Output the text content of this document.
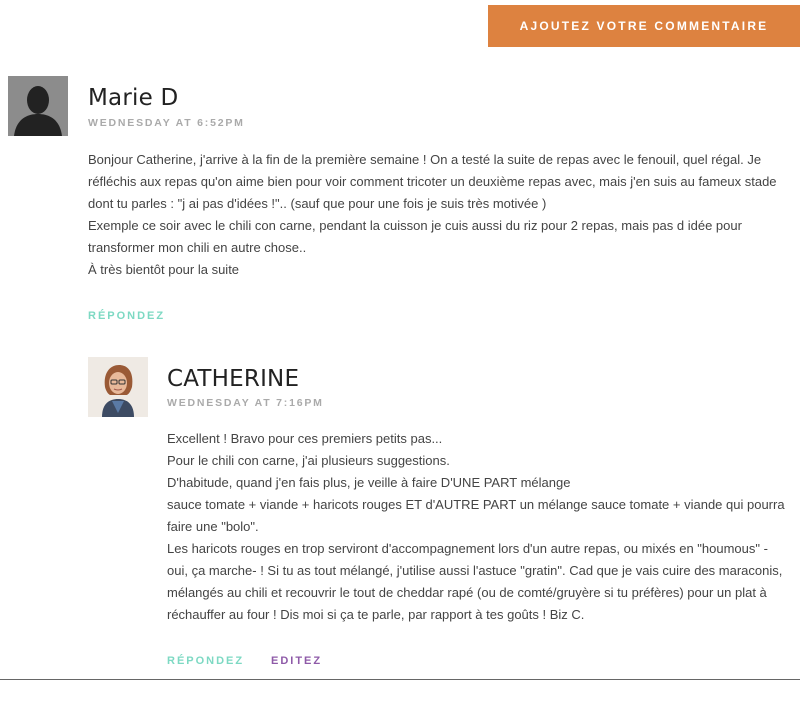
AJOUTEZ VOTRE COMMENTAIRE
Marie D
WEDNESDAY AT 6:52PM

Bonjour Catherine, j'arrive à la fin de la première semaine ! On a testé la suite de repas avec le fenouil, quel régal. Je

réfléchis aux repas qu'on aime bien pour voir comment tricoter un deuxième repas avec, mais j'en suis au fameux stade

dont tu parles : "j ai pas d'idées !".. (sauf que pour une fois je suis très motivée )

Exemple ce soir avec le chili con carne, pendant la cuisson je cuis aussi du riz pour 2 repas, mais pas d idée pour

transformer mon chili en autre chose..

À très bientôt pour la suite

RÉPONDEZ
CATHERINE
WEDNESDAY AT 7:16PM

Excellent ! Bravo pour ces premiers petits pas...

Pour le chili con carne, j'ai plusieurs suggestions.

D'habitude, quand j'en fais plus, je veille à faire D'UNE PART mélange

sauce tomate + viande + haricots rouges ET d'AUTRE PART un mélange sauce tomate + viande qui pourra

faire une "bolo".

Les haricots rouges en trop serviront d'accompagnement lors d'un autre repas, ou mixés en "houmous" -

oui, ça marche- ! Si tu as tout mélangé, j'utilise aussi l'astuce "gratin". Cad que je vais cuire des maraconis,

mélangés au chili et recouvrir le tout de cheddar rapé (ou de comté/gruyère si tu préfères) pour un plat à

réchauffer au four ! Dis moi si ça te parle, par rapport à tes goûts ! Biz C.

RÉPONDEZ EDITEZ
